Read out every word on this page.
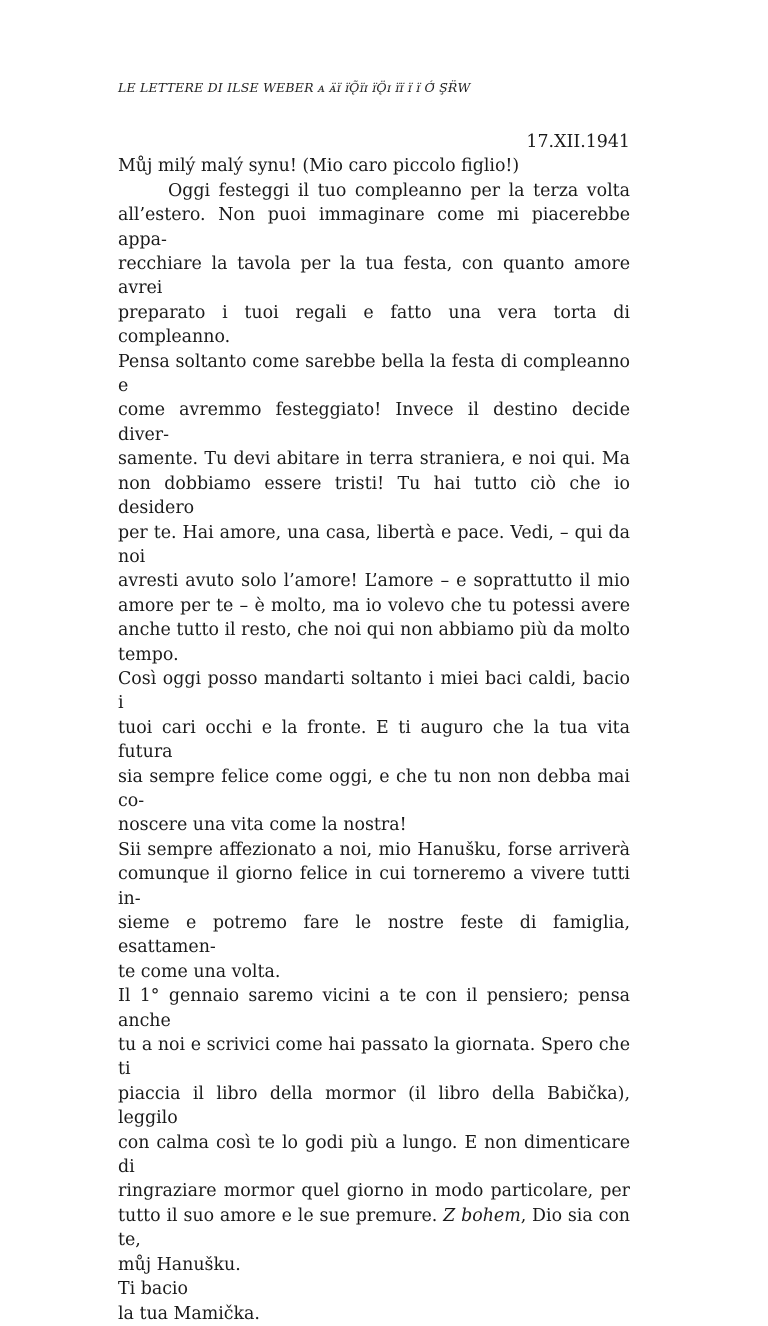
LE LETTERE DI ILSE WEBER ᴀ ᴀ̈ɪ̈ ɪ̈Ǫ̃ɪ̈ɪ ɪ̈Ǫ̈ɪ ɪ̈ɪ̈ ɪ̈ ɪ̈ Ó̈ Ş̈Ɍ̈W

17.XII.1941

Můj milý malý synu! (Mio caro piccolo figlio!)
Oggi festeggi il tuo compleanno per la terza volta
all’estero. Non puoi immaginare come mi piacerebbe appa-
recchiare la tavola per la tua festa, con quanto amore avrei
preparato i tuoi regali e fatto una vera torta di compleanno.
Pensa soltanto come sarebbe bella la festa di compleanno e
come avremmo festeggiato! Invece il destino decide diver-
samente. Tu devi abitare in terra straniera, e noi qui. Ma
non dobbiamo essere tristi! Tu hai tutto ciò che io desidero
per te. Hai amore, una casa, libertà e pace. Vedi, – qui da noi
avresti avuto solo l’amore! L’amore – e soprattutto il mio
amore per te – è molto, ma io volevo che tu potessi avere
anche tutto il resto, che noi qui non abbiamo più da molto
tempo.
Così oggi posso mandarti soltanto i miei baci caldi, bacio i
tuoi cari occhi e la fronte. E ti auguro che la tua vita futura
sia sempre felice come oggi, e che tu non non debba mai co-
noscere una vita come la nostra!
Sii sempre affezionato a noi, mio Hanušku, forse arriverà
comunque il giorno felice in cui torneremo a vivere tutti in-
sieme e potremo fare le nostre feste di famiglia, esattamen-
te come una volta.
Il 1° gennaio saremo vicini a te con il pensiero; pensa anche
tu a noi e scrivici come hai passato la giornata. Spero che ti
piaccia il libro della mormor (il libro della Babička), leggilo
con calma così te lo godi più a lungo. E non dimenticare di
ringraziare mormor quel giorno in modo particolare, per
tutto il suo amore e le sue premure. Z bohem, Dio sia con te,
můj Hanušku.
Ti bacio
la tua Mamička.
